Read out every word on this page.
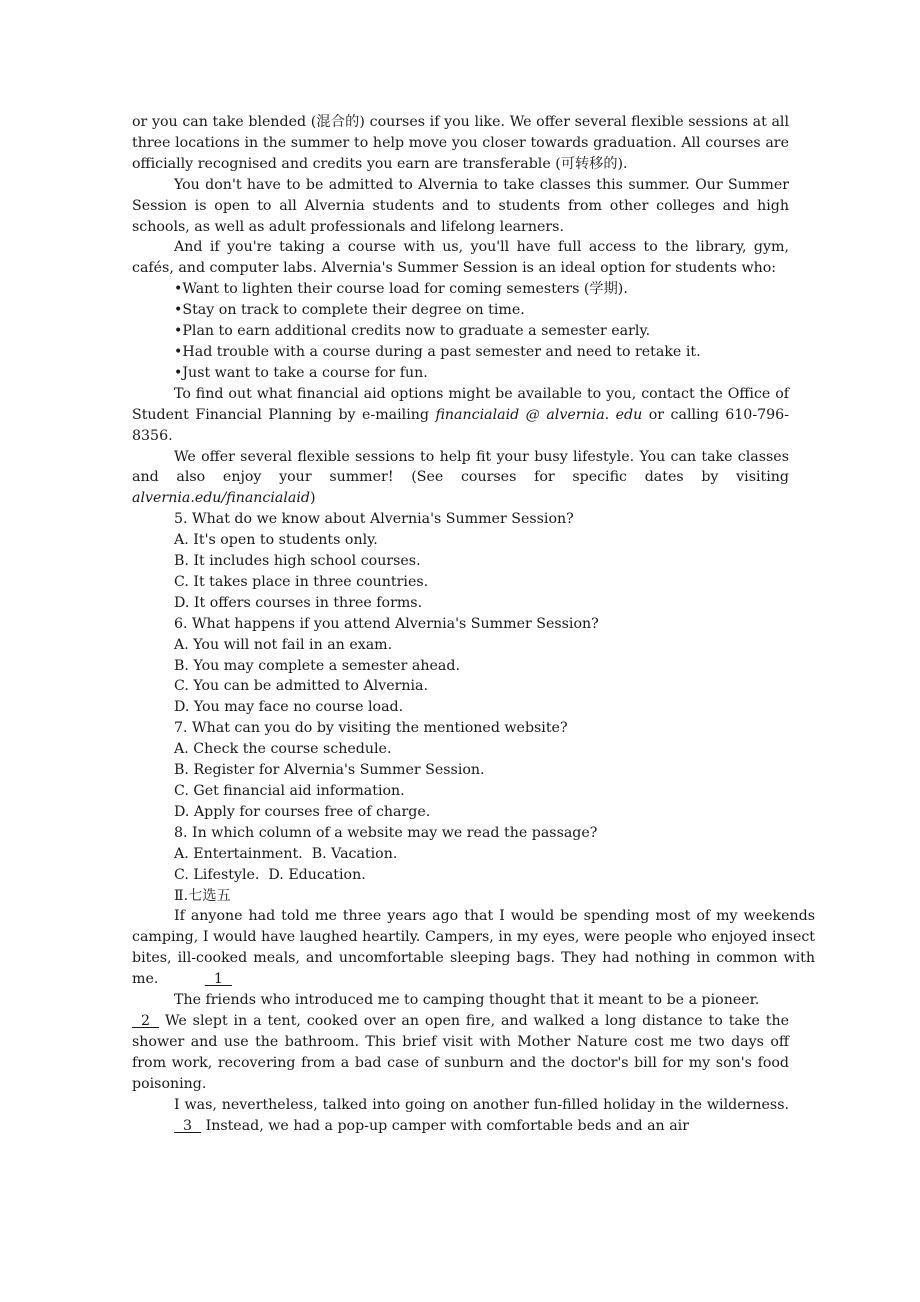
or you can take blended (混合的) courses if you like. We offer several flexible sessions at all three locations in the summer to help move you closer towards graduation. All courses are officially recognised and credits you earn are transferable (可转移的).

You don't have to be admitted to Alvernia to take classes this summer. Our Summer Session is open to all Alvernia students and to students from other colleges and high schools, as well as adult professionals and lifelong learners.

And if you're taking a course with us, you'll have full access to the library, gym, cafés, and computer labs. Alvernia's Summer Session is an ideal option for students who:

•Want to lighten their course load for coming semesters (学期).

•Stay on track to complete their degree on time.

•Plan to earn additional credits now to graduate a semester early.

•Had trouble with a course during a past semester and need to retake it.

•Just want to take a course for fun.

To find out what financial aid options might be available to you, contact the Office of Student Financial Planning by e-mailing financialaid @ alvernia. edu or calling 610-796-8356.

We offer several flexible sessions to help fit your busy lifestyle. You can take classes and also enjoy your summer! (See courses for specific dates by visiting alvernia.edu/financialaid)

5. What do we know about Alvernia's Summer Session?

A. It's open to students only.

B. It includes high school courses.

C. It takes place in three countries.

D. It offers courses in three forms.

6. What happens if you attend Alvernia's Summer Session?

A. You will not fail in an exam.

B. You may complete a semester ahead.

C. You can be admitted to Alvernia.

D. You may face no course load.

7. What can you do by visiting the mentioned website?

A. Check the course schedule.

B. Register for Alvernia's Summer Session.

C. Get financial aid information.

D. Apply for courses free of charge.

8. In which column of a website may we read the passage?

A. Entertainment.  B. Vacation.

C. Lifestyle.  D. Education.

Ⅱ.七选五

If anyone had told me three years ago that I would be spending most of my weekends camping, I would have laughed heartily. Campers, in my eyes, were people who enjoyed insect bites, ill-cooked meals, and uncomfortable sleeping bags. They had nothing in common with me.	1

The friends who introduced me to camping thought that it meant to be a pioneer.
2   We slept in a tent, cooked over an open fire, and walked a long distance to take the shower and use the bathroom. This brief visit with Mother Nature cost me two days off from work, recovering from a bad case of sunburn and the doctor's bill for my son's food poisoning.

I was, nevertheless, talked into going on another fun-filled holiday in the wilderness.   3   Instead, we had a pop-up camper with comfortable beds and an air
